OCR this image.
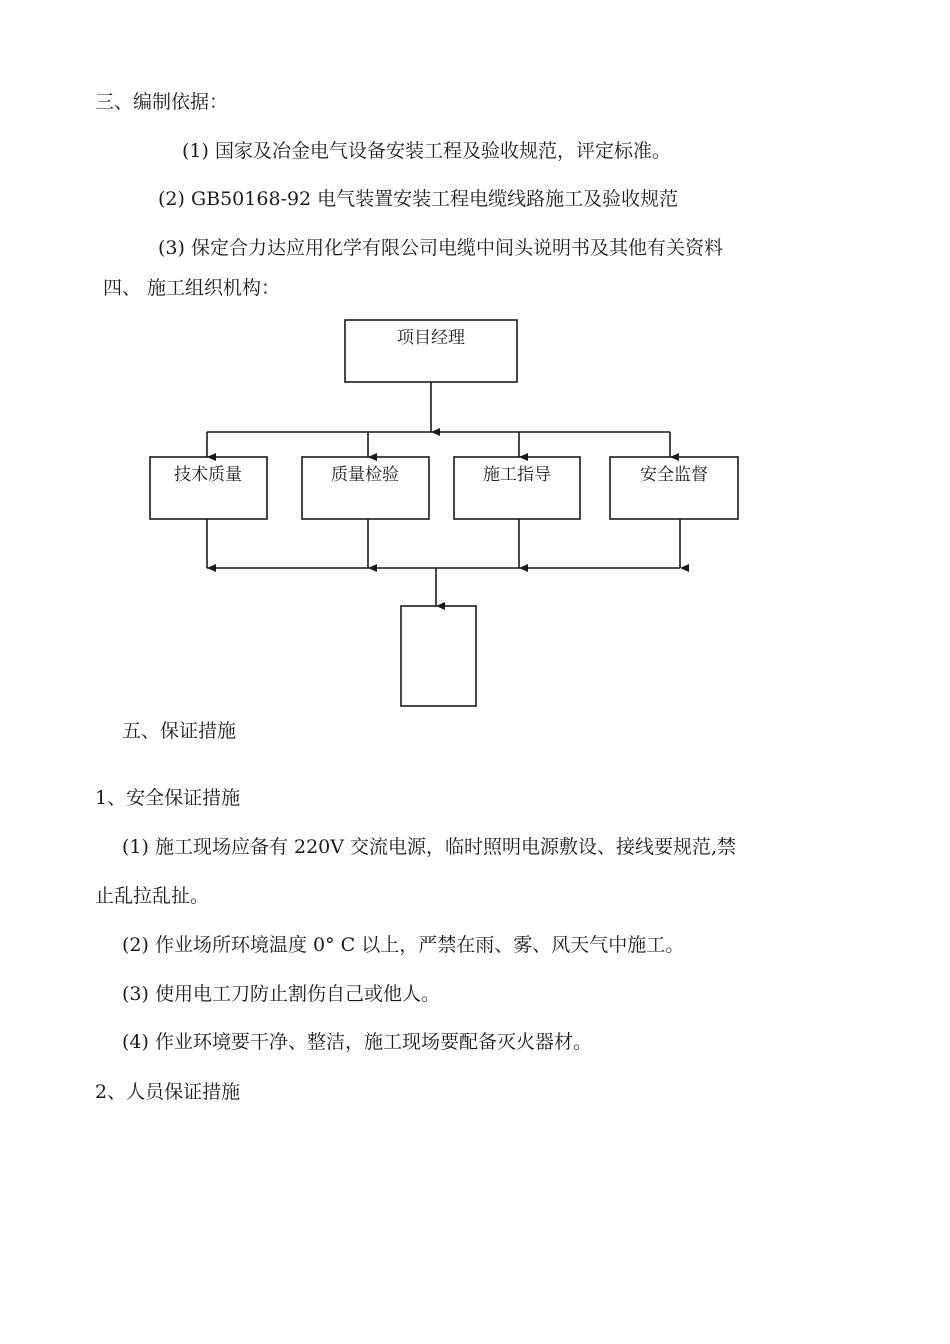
三、编制依据：
(1) 国家及冶金电气设备安装工程及验收规范，评定标准。
(2) GB50168-92 电气装置安装工程电缆线路施工及验收规范
(3) 保定合力达应用化学有限公司电缆中间头说明书及其他有关资料
四、 施工组织机构：
项目经理
技术质量	质量检验	施工指导	安全监督
五、保证措施
1、安全保证措施
(1) 施工现场应备有 220V 交流电源，临时照明电源敷设、接线要规范,禁
止乱拉乱扯。
(2) 作业场所环境温度 0° C 以上，严禁在雨、雾、风天气中施工。
(3) 使用电工刀防止割伤自己或他人。
(4) 作业环境要干净、整洁，施工现场要配备灭火器材。
2、人员保证措施
